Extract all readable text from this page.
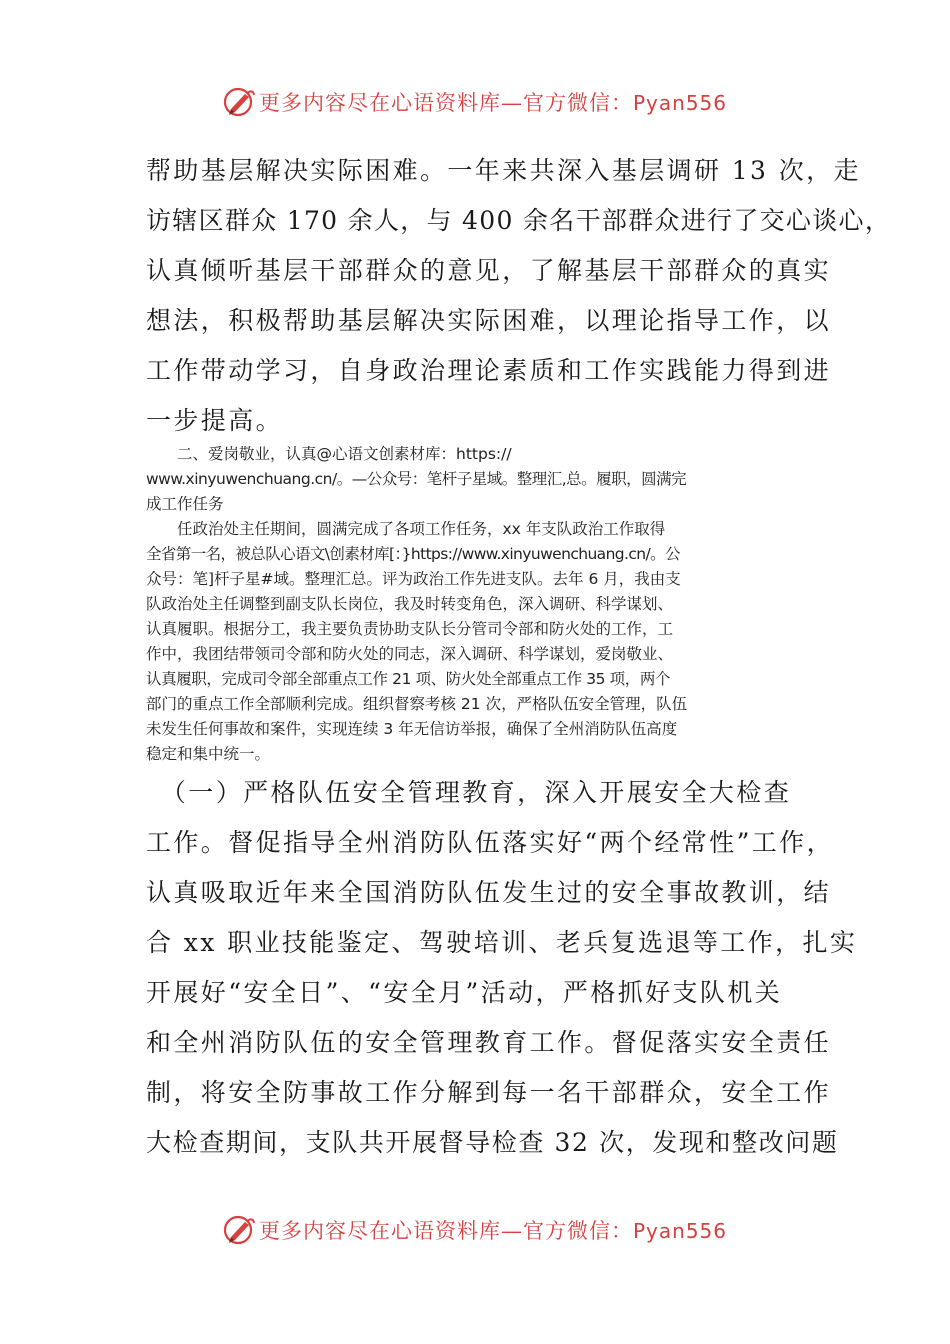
更多内容尽在心语资料库—官方微信：Pyan556
帮助基层解决实际困难。一年来共深入基层调研 13 次，走
访辖区群众 170 余人，与 400 余名干部群众进行了交心谈心，
认真倾听基层干部群众的意见，了解基层干部群众的真实
想法，积极帮助基层解决实际困难，以理论指导工作，以
工作带动学习，自身政治理论素质和工作实践能力得到进
一步提高。
　　二、爱岗敬业，认真@心语文创素材库：https://
www.xinyuwenchuang.cn/。—公众号：笔杆子星域。整理汇,总。履职，圆满完
成工作任务
　　任政治处主任期间，圆满完成了各项工作任务，xx 年支队政治工作取得
全省第一名，被总队心语文\创素材库[：}https://www.xinyuwenchuang.cn/。公
众号：笔]杆子星#域。整理汇总。评为政治工作先进支队。去年 6 月，我由支
队政治处主任调整到副支队长岗位，我及时转变角色，深入调研、科学谋划、
认真履职。根据分工，我主要负责协助支队长分管司令部和防火处的工作，工
作中，我团结带领司令部和防火处的同志，深入调研、科学谋划，爱岗敬业、
认真履职，完成司令部全部重点工作 21 项、防火处全部重点工作 35 项，两个
部门的重点工作全部顺利完成。组织督察考核 21 次，严格队伍安全管理，队伍
未发生任何事故和案件，实现连续 3 年无信访举报，确保了全州消防队伍高度
稳定和集中统一。
　（一）严格队伍安全管理教育，深入开展安全大检查
工作。督促指导全州消防队伍落实好“两个经常性”工作，
认真吸取近年来全国消防队伍发生过的安全事故教训，结
合 xx 职业技能鉴定、驾驶培训、老兵复选退等工作，扎实
开展好“安全日”、“安全月”活动，严格抓好支队机关
和全州消防队伍的安全管理教育工作。督促落实安全责任
制，将安全防事故工作分解到每一名干部群众，安全工作
大检查期间，支队共开展督导检查 32 次，发现和整改问题
更多内容尽在心语资料库—官方微信：Pyan556
